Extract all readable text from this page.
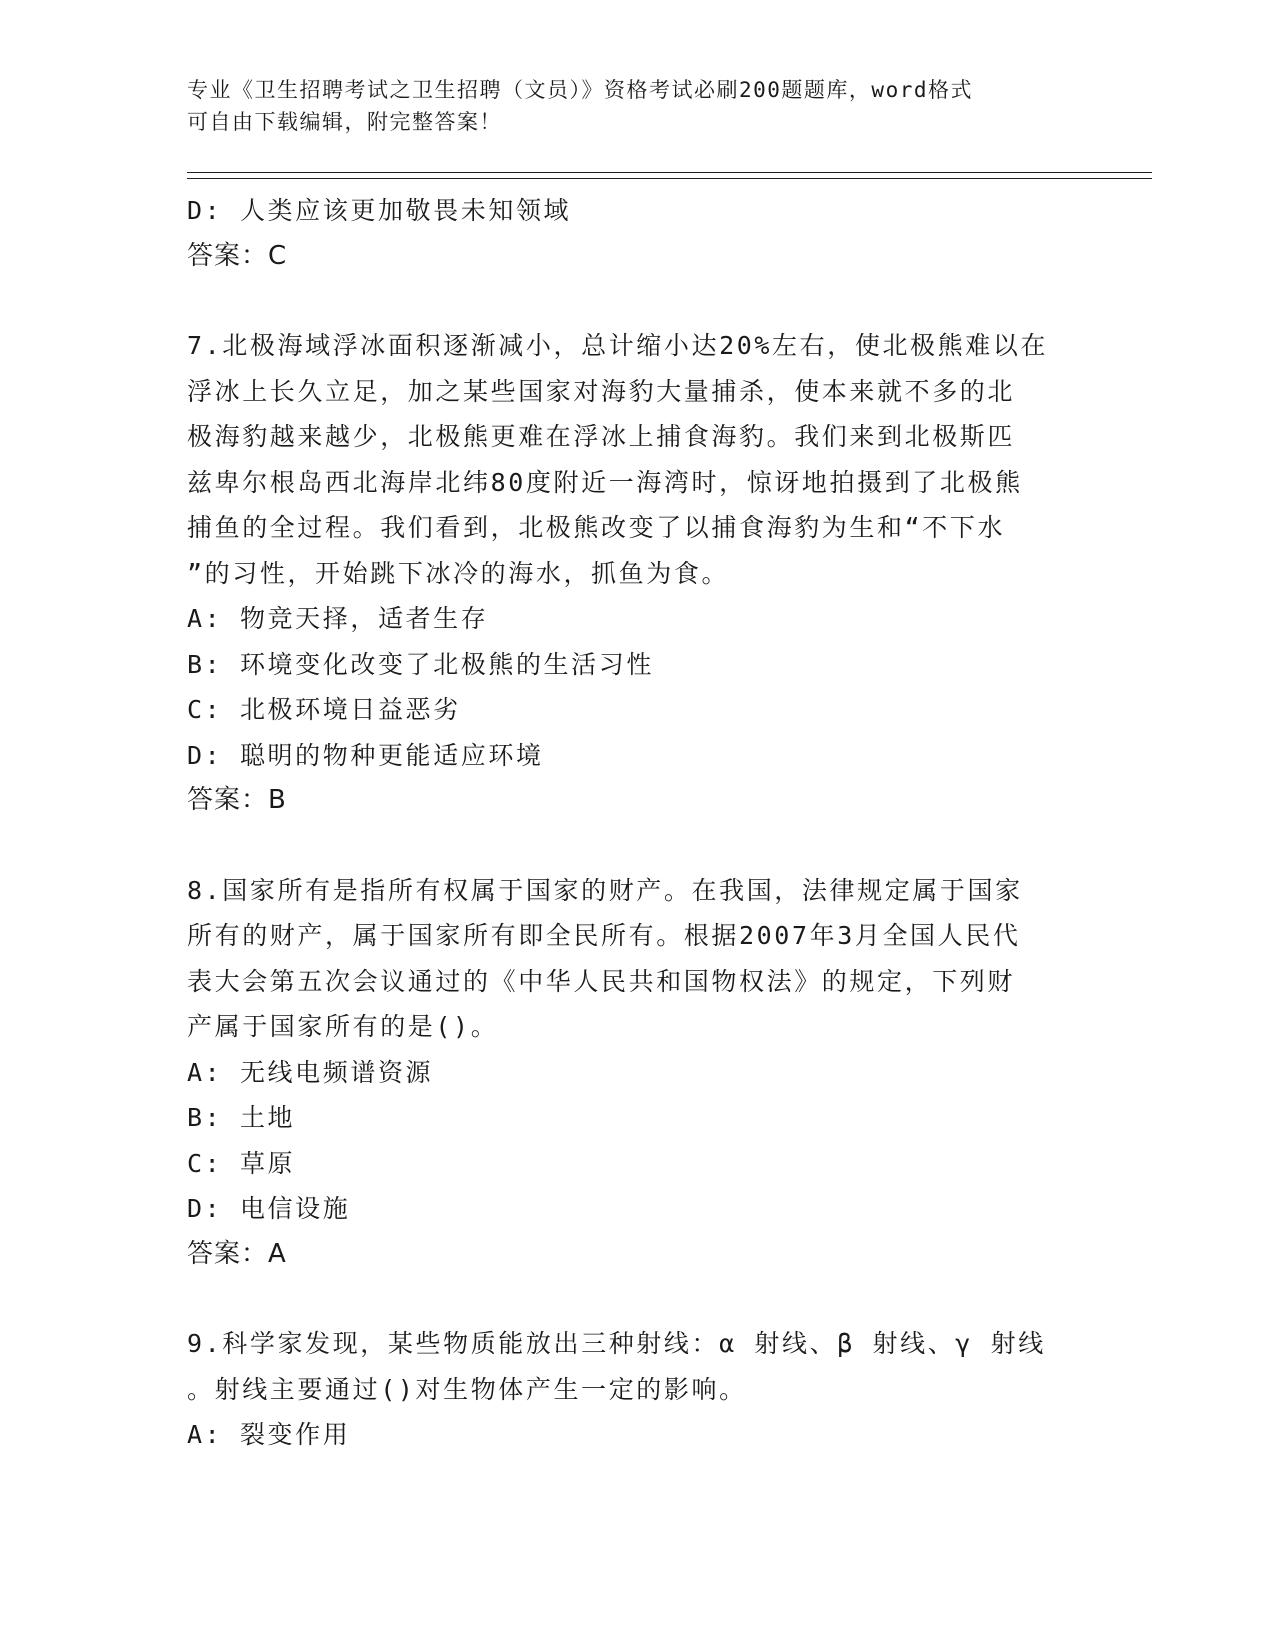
专业《卫生招聘考试之卫生招聘（文员）》资格考试必刷200题题库，word格式
可自由下载编辑，附完整答案！
D: 人类应该更加敬畏未知领域
答案：C
7.北极海域浮冰面积逐渐减小，总计缩小达20%左右，使北极熊难以在
浮冰上长久立足，加之某些国家对海豹大量捕杀，使本来就不多的北
极海豹越来越少，北极熊更难在浮冰上捕食海豹。我们来到北极斯匹
兹卑尔根岛西北海岸北纬80度附近一海湾时，惊讶地拍摄到了北极熊
捕鱼的全过程。我们看到，北极熊改变了以捕食海豹为生和“不下水
”的习性，开始跳下冰冷的海水，抓鱼为食。
A: 物竞天择，适者生存
B: 环境变化改变了北极熊的生活习性
C: 北极环境日益恶劣
D: 聪明的物种更能适应环境
答案：B
8.国家所有是指所有权属于国家的财产。在我国，法律规定属于国家
所有的财产，属于国家所有即全民所有。根据2007年3月全国人民代
表大会第五次会议通过的《中华人民共和国物权法》的规定，下列财
产属于国家所有的是()。
A: 无线电频谱资源
B: 土地
C: 草原
D: 电信设施
答案：A
9.科学家发现，某些物质能放出三种射线：α 射线、β 射线、γ 射线
。射线主要通过()对生物体产生一定的影响。
A: 裂变作用
